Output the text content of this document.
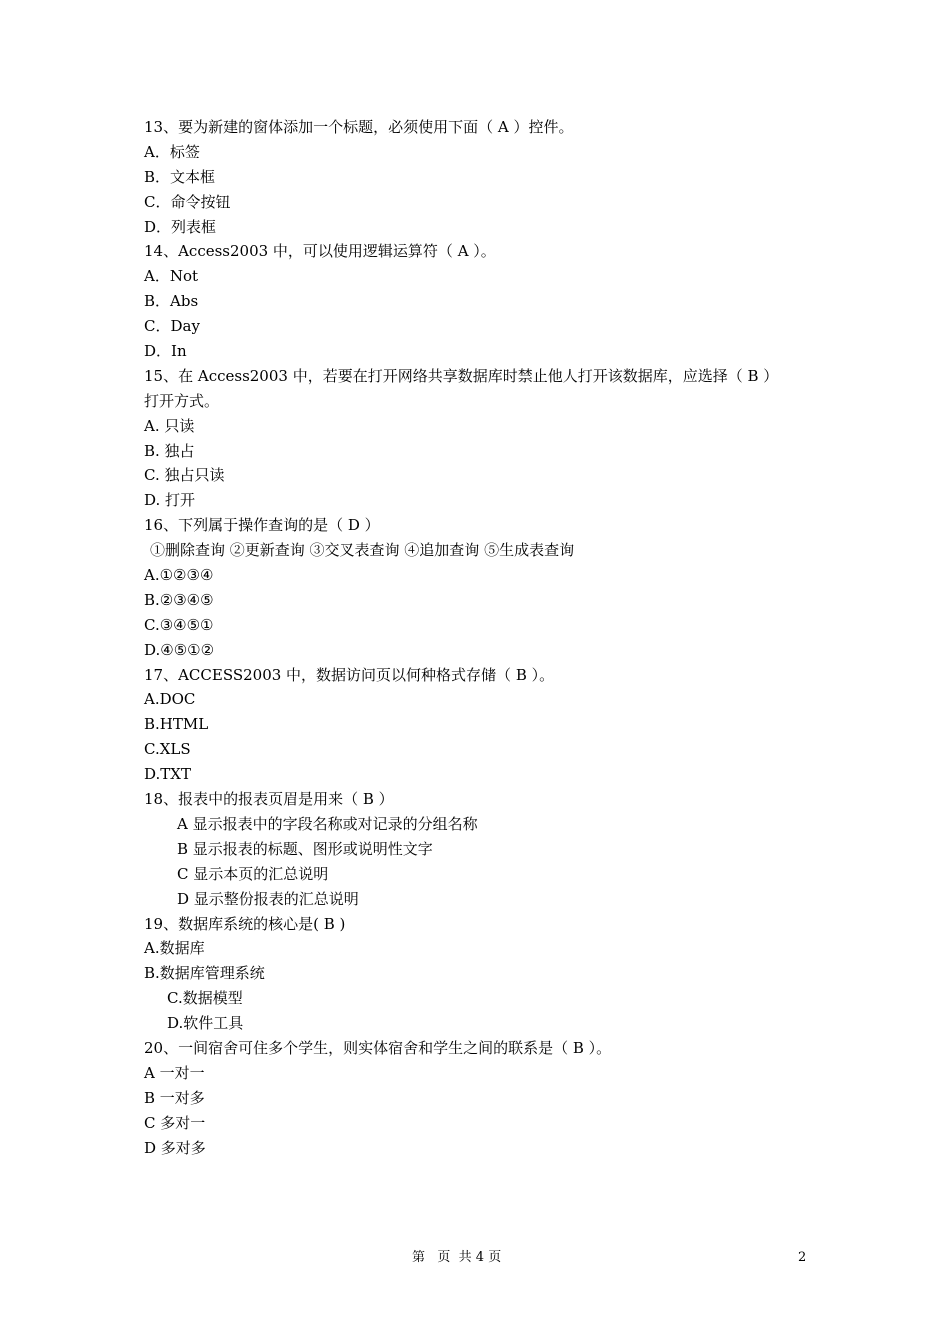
13、要为新建的窗体添加一个标题，必须使用下面（ A ）控件。
A．标签
B．文本框
C．命令按钮
D．列表框
14、Access2003 中，可以使用逻辑运算符（ A ）。
A．Not
B．Abs
C．Day
D．In
15、在 Access2003 中，若要在打开网络共享数据库时禁止他人打开该数据库，应选择（ B ）
打开方式。
A. 只读
B. 独占
C. 独占只读
D. 打开
16、下列属于操作查询的是（ D ）
①删除查询 ②更新查询 ③交叉表查询 ④追加查询 ⑤生成表查询
A.①②③④
B.②③④⑤
C.③④⑤①
D.④⑤①②
17、ACCESS2003 中，数据访问页以何种格式存储（ B ）。
A.DOC
B.HTML
C.XLS
D.TXT
18、报表中的报表页眉是用来（ B ）
A 显示报表中的字段名称或对记录的分组名称
B 显示报表的标题、图形或说明性文字
C 显示本页的汇总说明
D 显示整份报表的汇总说明
19、数据库系统的核心是( B )
A.数据库
B.数据库管理系统
C.数据模型
D.软件工具
20、一间宿舍可住多个学生，则实体宿舍和学生之间的联系是（ B ）。
A 一对一
B 一对多
C 多对一
D 多对多
第   页  共 4 页	2
